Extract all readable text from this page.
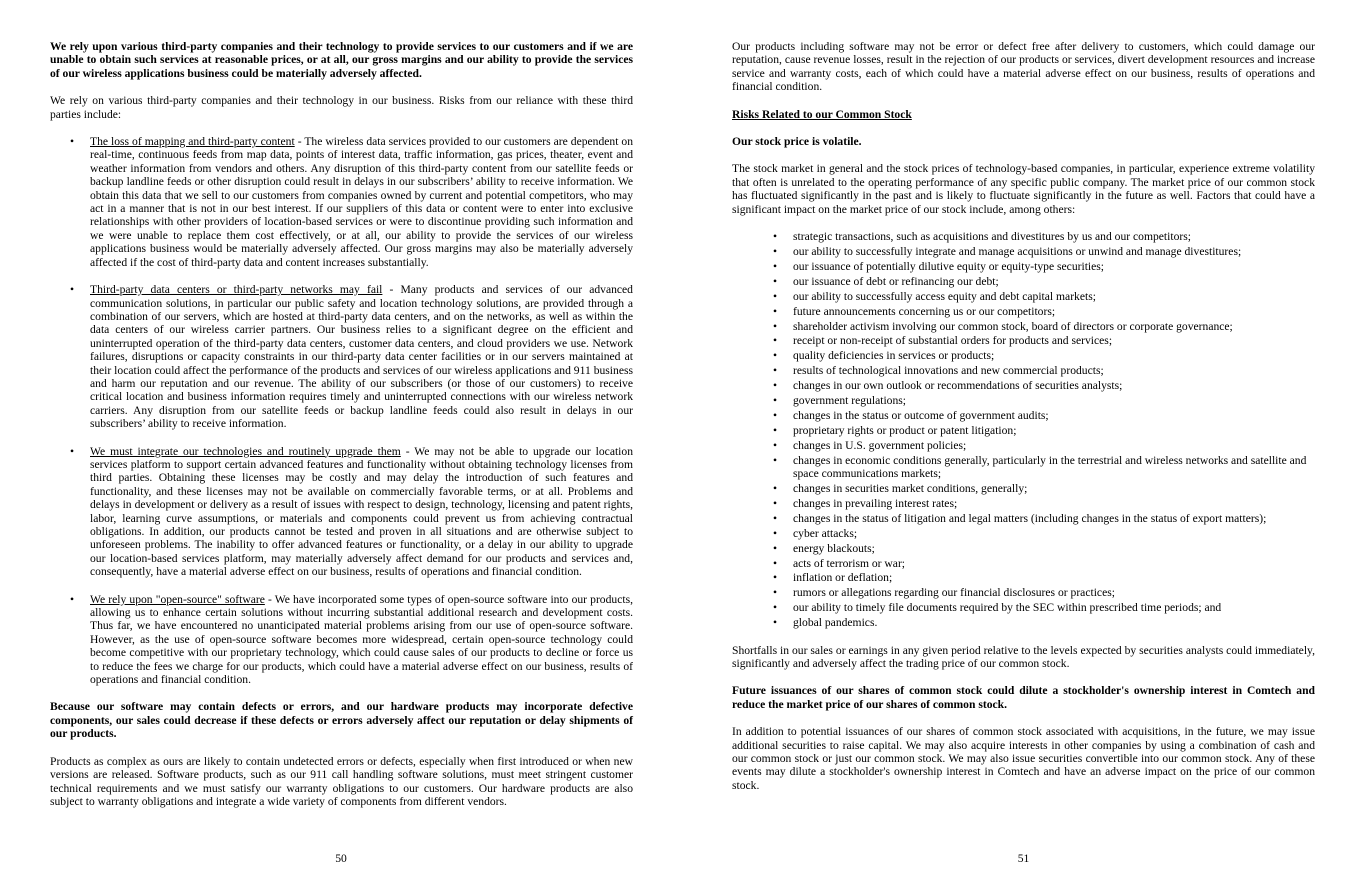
We rely upon various third-party companies and their technology to provide services to our customers and if we are unable to obtain such services at reasonable prices, or at all, our gross margins and our ability to provide the services of our wireless applications business could be materially adversely affected.

We rely on various third-party companies and their technology in our business. Risks from our reliance with these third parties include:

• The loss of mapping and third-party content - The wireless data services provided to our customers are dependent on real-time, continuous feeds from map data, points of interest data, traffic information, gas prices, theater, event and weather information from vendors and others. Any disruption of this third-party content from our satellite feeds or backup landline feeds or other disruption could result in delays in our subscribers’ ability to receive information. We obtain this data that we sell to our customers from companies owned by current and potential competitors, who may act in a manner that is not in our best interest. If our suppliers of this data or content were to enter into exclusive relationships with other providers of location-based services or were to discontinue providing such information and we were unable to replace them cost effectively, or at all, our ability to provide the services of our wireless applications business would be materially adversely affected. Our gross margins may also be materially adversely affected if the cost of third-party data and content increases substantially.
• Third-party data centers or third-party networks may fail - Many products and services of our advanced communication solutions, in particular our public safety and location technology solutions, are provided through a combination of our servers, which are hosted at third-party data centers, and on the networks, as well as within the data centers of our wireless carrier partners. Our business relies to a significant degree on the efficient and uninterrupted operation of the third-party data centers, customer data centers, and cloud providers we use. Network failures, disruptions or capacity constraints in our third-party data center facilities or in our servers maintained at their location could affect the performance of the products and services of our wireless applications and 911 business and harm our reputation and our revenue. The ability of our subscribers (or those of our customers) to receive critical location and business information requires timely and uninterrupted connections with our wireless network carriers. Any disruption from our satellite feeds or backup landline feeds could also result in delays in our subscribers’ ability to receive information.
• We must integrate our technologies and routinely upgrade them - We may not be able to upgrade our location services platform to support certain advanced features and functionality without obtaining technology licenses from third parties. Obtaining these licenses may be costly and may delay the introduction of such features and functionality, and these licenses may not be available on commercially favorable terms, or at all. Problems and delays in development or delivery as a result of issues with respect to design, technology, licensing and patent rights, labor, learning curve assumptions, or materials and components could prevent us from achieving contractual obligations. In addition, our products cannot be tested and proven in all situations and are otherwise subject to unforeseen problems. The inability to offer advanced features or functionality, or a delay in our ability to upgrade our location-based services platform, may materially adversely affect demand for our products and services and, consequently, have a material adverse effect on our business, results of operations and financial condition.
• We rely upon "open-source" software - We have incorporated some types of open-source software into our products, allowing us to enhance certain solutions without incurring substantial additional research and development costs. Thus far, we have encountered no unanticipated material problems arising from our use of open-source software. However, as the use of open-source software becomes more widespread, certain open-source technology could become competitive with our proprietary technology, which could cause sales of our products to decline or force us to reduce the fees we charge for our products, which could have a material adverse effect on our business, results of operations and financial condition.

Because our software may contain defects or errors, and our hardware products may incorporate defective components, our sales could decrease if these defects or errors adversely affect our reputation or delay shipments of our products.

Products as complex as ours are likely to contain undetected errors or defects, especially when first introduced or when new versions are released. Software products, such as our 911 call handling software solutions, must meet stringent customer technical requirements and we must satisfy our warranty obligations to our customers. Our hardware products are also subject to warranty obligations and integrate a wide variety of components from different vendors.

50

Our products including software may not be error or defect free after delivery to customers, which could damage our reputation, cause revenue losses, result in the rejection of our products or services, divert development resources and increase service and warranty costs, each of which could have a material adverse effect on our business, results of operations and financial condition.

Risks Related to our Common Stock

Our stock price is volatile.

The stock market in general and the stock prices of technology-based companies, in particular, experience extreme volatility that often is unrelated to the operating performance of any specific public company. The market price of our common stock has fluctuated significantly in the past and is likely to fluctuate significantly in the future as well. Factors that could have a significant impact on the market price of our stock include, among others:

• strategic transactions, such as acquisitions and divestitures by us and our competitors;
• our ability to successfully integrate and manage acquisitions or unwind and manage divestitures;
• our issuance of potentially dilutive equity or equity-type securities;
• our issuance of debt or refinancing our debt;
• our ability to successfully access equity and debt capital markets;
• future announcements concerning us or our competitors;
• shareholder activism involving our common stock, board of directors or corporate governance;
• receipt or non-receipt of substantial orders for products and services;
• quality deficiencies in services or products;
• results of technological innovations and new commercial products;
• changes in our own outlook or recommendations of securities analysts;
• government regulations;
• changes in the status or outcome of government audits;
• proprietary rights or product or patent litigation;
• changes in U.S. government policies;
• changes in economic conditions generally, particularly in the terrestrial and wireless networks and satellite and space communications markets;
• changes in securities market conditions, generally;
• changes in prevailing interest rates;
• changes in the status of litigation and legal matters (including changes in the status of export matters);
• cyber attacks;
• energy blackouts;
• acts of terrorism or war;
• inflation or deflation;
• rumors or allegations regarding our financial disclosures or practices;
• our ability to timely file documents required by the SEC within prescribed time periods; and
• global pandemics.

Shortfalls in our sales or earnings in any given period relative to the levels expected by securities analysts could immediately, significantly and adversely affect the trading price of our common stock.

Future issuances of our shares of common stock could dilute a stockholder's ownership interest in Comtech and reduce the market price of our shares of common stock.

In addition to potential issuances of our shares of common stock associated with acquisitions, in the future, we may issue additional securities to raise capital. We may also acquire interests in other companies by using a combination of cash and our common stock or just our common stock. We may also issue securities convertible into our common stock. Any of these events may dilute a stockholder's ownership interest in Comtech and have an adverse impact on the price of our common stock.

51
